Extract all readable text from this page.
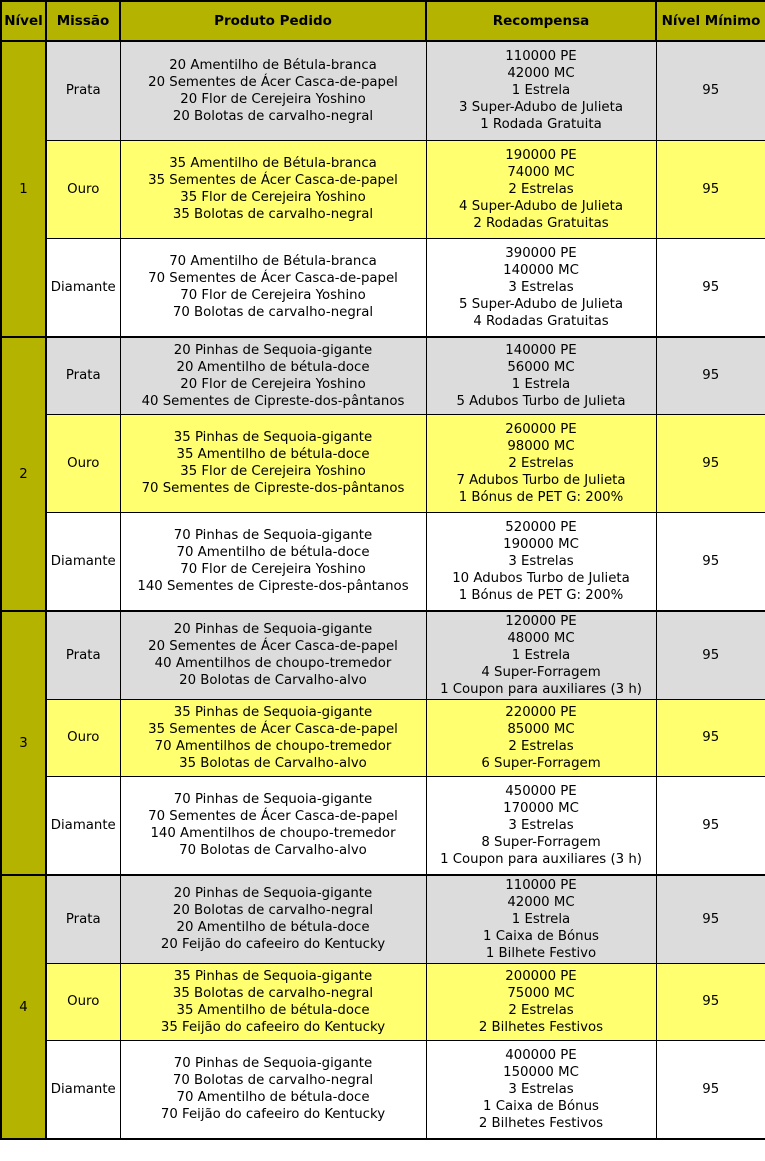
Nível	Missão	Produto Pedido	Recompensa	Nível Mínimo
1	Prata	20 Amentilho de Bétula-branca
20 Sementes de Ácer Casca-de-papel
20 Flor de Cerejeira Yoshino
20 Bolotas de carvalho-negral	110000 PE
42000 MC
1 Estrela
3 Super-Adubo de Julieta
1 Rodada Gratuita	95
	Ouro	35 Amentilho de Bétula-branca
35 Sementes de Ácer Casca-de-papel
35 Flor de Cerejeira Yoshino
35 Bolotas de carvalho-negral	190000 PE
74000 MC
2 Estrelas
4 Super-Adubo de Julieta
2 Rodadas Gratuitas	95
	Diamante	70 Amentilho de Bétula-branca
70 Sementes de Ácer Casca-de-papel
70 Flor de Cerejeira Yoshino
70 Bolotas de carvalho-negral	390000 PE
140000 MC
3 Estrelas
5 Super-Adubo de Julieta
4 Rodadas Gratuitas	95
2	Prata	20 Pinhas de Sequoia-gigante
20 Amentilho de bétula-doce
20 Flor de Cerejeira Yoshino
40 Sementes de Cipreste-dos-pântanos	140000 PE
56000 MC
1 Estrela
5 Adubos Turbo de Julieta	95
	Ouro	35 Pinhas de Sequoia-gigante
35 Amentilho de bétula-doce
35 Flor de Cerejeira Yoshino
70 Sementes de Cipreste-dos-pântanos	260000 PE
98000 MC
2 Estrelas
7 Adubos Turbo de Julieta
1 Bónus de PET G: 200%	95
	Diamante	70 Pinhas de Sequoia-gigante
70 Amentilho de bétula-doce
70 Flor de Cerejeira Yoshino
140 Sementes de Cipreste-dos-pântanos	520000 PE
190000 MC
3 Estrelas
10 Adubos Turbo de Julieta
1 Bónus de PET G: 200%	95
3	Prata	20 Pinhas de Sequoia-gigante
20 Sementes de Ácer Casca-de-papel
40 Amentilhos de choupo-tremedor
20 Bolotas de Carvalho-alvo	120000 PE
48000 MC
1 Estrela
4 Super-Forragem
1 Coupon para auxiliares (3 h)	95
	Ouro	35 Pinhas de Sequoia-gigante
35 Sementes de Ácer Casca-de-papel
70 Amentilhos de choupo-tremedor
35 Bolotas de Carvalho-alvo	220000 PE
85000 MC
2 Estrelas
6 Super-Forragem	95
	Diamante	70 Pinhas de Sequoia-gigante
70 Sementes de Ácer Casca-de-papel
140 Amentilhos de choupo-tremedor
70 Bolotas de Carvalho-alvo	450000 PE
170000 MC
3 Estrelas
8 Super-Forragem
1 Coupon para auxiliares (3 h)	95
4	Prata	20 Pinhas de Sequoia-gigante
20 Bolotas de carvalho-negral
20 Amentilho de bétula-doce
20 Feijão do cafeeiro do Kentucky	110000 PE
42000 MC
1 Estrela
1 Caixa de Bónus
1 Bilhete Festivo	95
	Ouro	35 Pinhas de Sequoia-gigante
35 Bolotas de carvalho-negral
35 Amentilho de bétula-doce
35 Feijão do cafeeiro do Kentucky	200000 PE
75000 MC
2 Estrelas
2 Bilhetes Festivos	95
	Diamante	70 Pinhas de Sequoia-gigante
70 Bolotas de carvalho-negral
70 Amentilho de bétula-doce
70 Feijão do cafeeiro do Kentucky	400000 PE
150000 MC
3 Estrelas
1 Caixa de Bónus
2 Bilhetes Festivos	95
